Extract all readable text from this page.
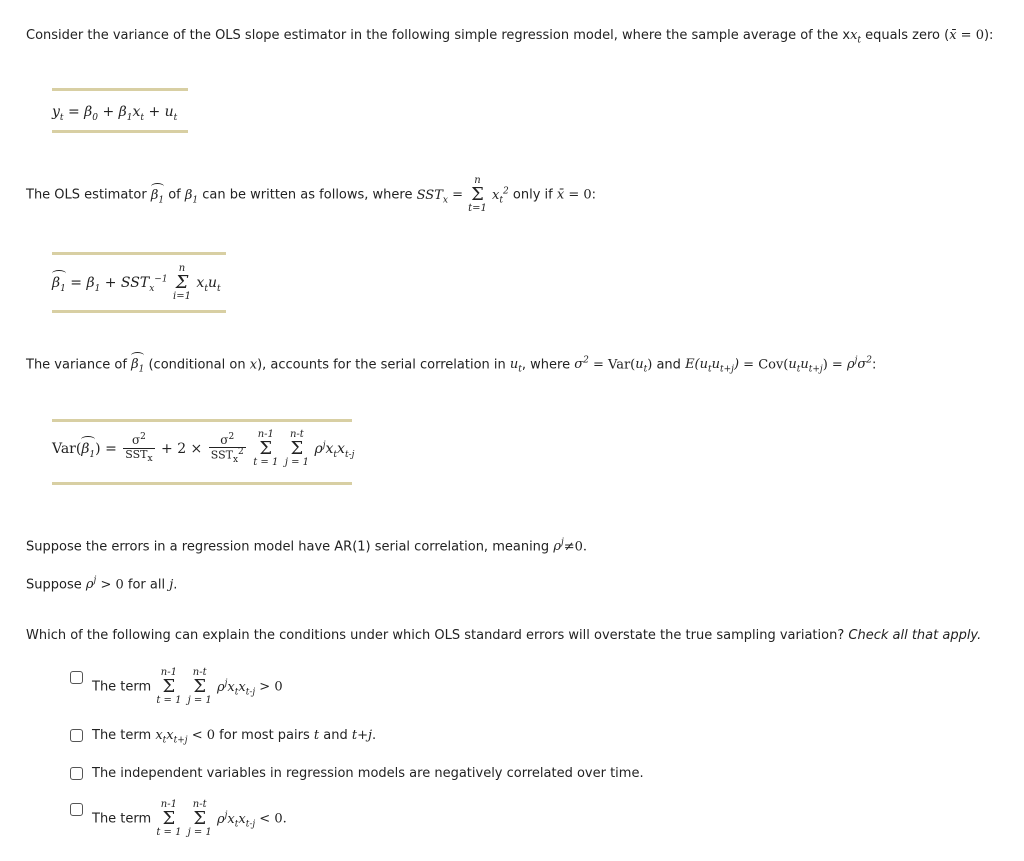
Consider the variance of the OLS slope estimator in the following simple regression model, where the sample average of the $xx_t$ equals zero (x̄ = 0):
$y_t = \beta_0 + \beta_1x_t + u_t$
The OLS estimator $\beta_1$ of $\beta_1$ can be written as follows, where $SST_x$ =
n
Σ
t=1
$x_t^2$ only if x̄ = 0:
$\beta_1 = \beta_1 + SST_x^{-1}$
n
Σ
i=1
$x_tu_t$
The variance of $\beta_1$ (conditional on x), accounts for the serial correlation in $u_t$, where $\sigma^2 = Var(u_t)$ and $E(u_tu_{t+j}) = Cov(u_tu_{t+j}) = \rho^j\sigma^2$:
$Var(\beta_1) = \frac{\sigma^2}{SST_x} + 2 \times \frac{\sigma^2}{SST_x^2}$
	n-1
Σ
t = 1

n-t
Σ
j = 1
$\rho^jx_tx_{t-j}$
Suppose the errors in a regression model have AR(1) serial correlation, meaning $\rho^j\ne 0$.
Suppose $\rho^j > 0$ for all j.
Which of the following can explain the conditions under which OLS standard errors will overstate the true sampling variation? Check all that apply.
The term
n-1
Σ
t = 1

n-t
Σ
j = 1
$\rho^jx_tx_{t-j} > 0$
The term $x_tx_{t+j} < 0$ for most pairs t and t+j.
The independent variables in regression models are negatively correlated over time.
The term
n-1
Σ
t = 1

n-t
Σ
j = 1
$\rho^jx_tx_{t-j} < 0$.
